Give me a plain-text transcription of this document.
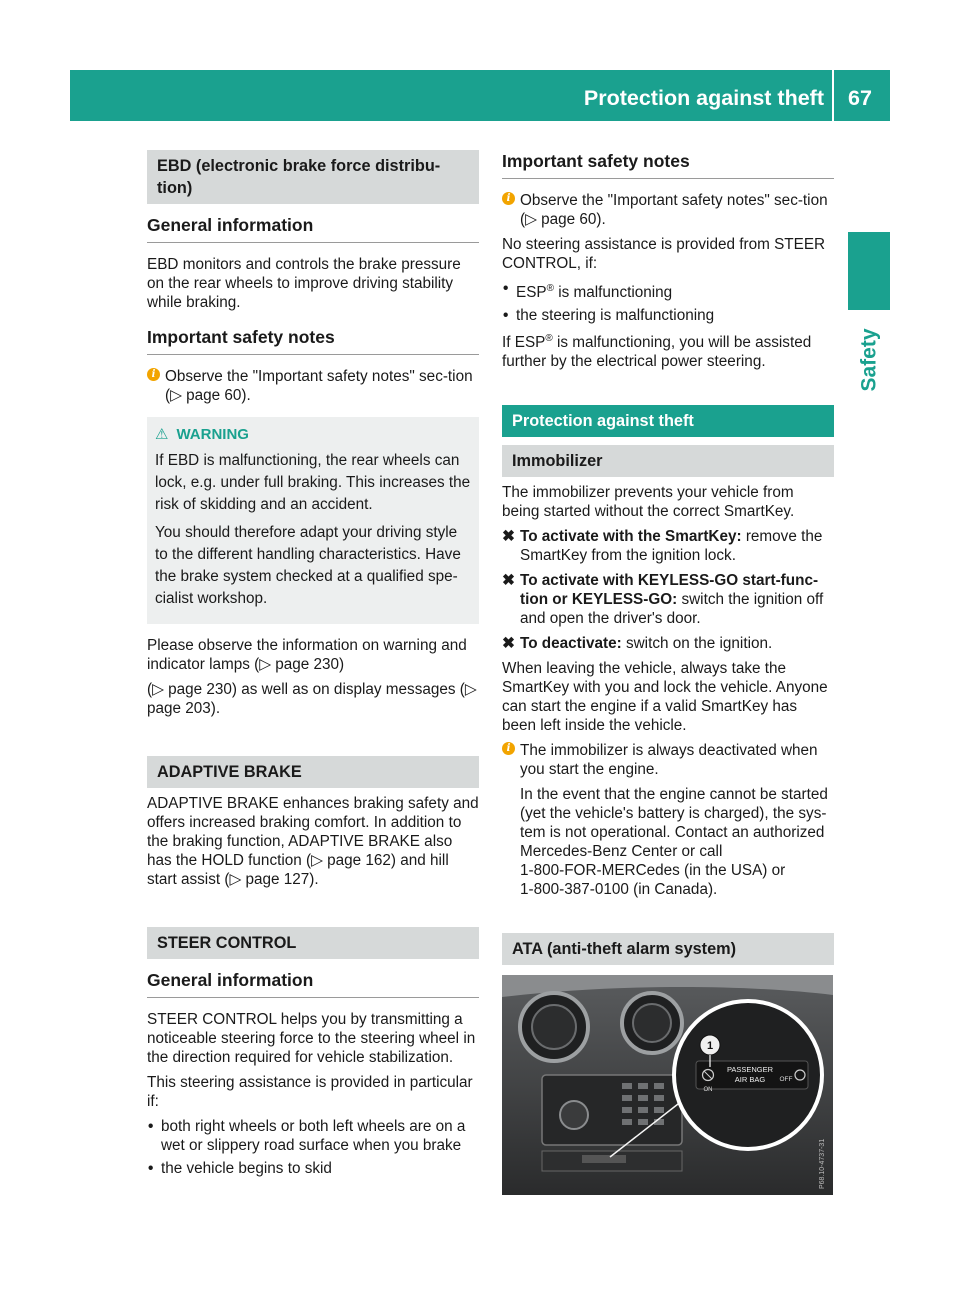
Protection against theft 67
Safety
EBD (electronic brake force distribu-tion)
General information

EBD monitors and controls the brake pressure on the rear wheels to improve driving stability while braking.

Important safety notes
i Observe the "Important safety notes" sec-tion (▷ page 60).
⚠ WARNING

If EBD is malfunctioning, the rear wheels can lock, e.g. under full braking. This increases the risk of skidding and an accident.

You should therefore adapt your driving style to the different handling characteristics. Have the brake system checked at a qualified spe-cialist workshop.

Please observe the information on warning and indicator lamps (▷ page 230)

(▷ page 230) as well as on display messages (▷ page 203).

ADAPTIVE BRAKE

ADAPTIVE BRAKE enhances braking safety and offers increased braking comfort. In addition to the braking function, ADAPTIVE BRAKE also has the HOLD function (▷ page 162) and hill start assist (▷ page 127).

STEER CONTROL
General information

STEER CONTROL helps you by transmitting a noticeable steering force to the steering wheel in the direction required for vehicle stabilization.

This steering assistance is provided in particular if:

• both right wheels or both left wheels are on a wet or slippery road surface when you brake
• the vehicle begins to skid
Important safety notes
i Observe the "Important safety notes" sec-tion (▷ page 60).

No steering assistance is provided from STEER CONTROL, if:

• ESP® is malfunctioning
• the steering is malfunctioning

If ESP® is malfunctioning, you will be assisted further by the electrical power steering.

Protection against theft
Immobilizer

The immobilizer prevents your vehicle from being started without the correct SmartKey.

✖ To activate with the SmartKey: remove the SmartKey from the ignition lock.
✖ To activate with KEYLESS-GO start-func-tion or KEYLESS-GO: switch the ignition off and open the driver's door.
✖ To deactivate: switch on the ignition.

When leaving the vehicle, always take the SmartKey with you and lock the vehicle. Anyone can start the engine if a valid SmartKey has been left inside the vehicle.

i The immobilizer is always deactivated when you start the engine.
In the event that the engine cannot be started (yet the vehicle's battery is charged), the sys-tem is not operational. Contact an authorized Mercedes-Benz Center or call
1-800-FOR-MERCedes (in the USA) or
1-800-387-0100 (in Canada).
ATA (anti-theft alarm system)
ON
PASSENGER
AIR BAG OFF
1
P68.10-4737-31
